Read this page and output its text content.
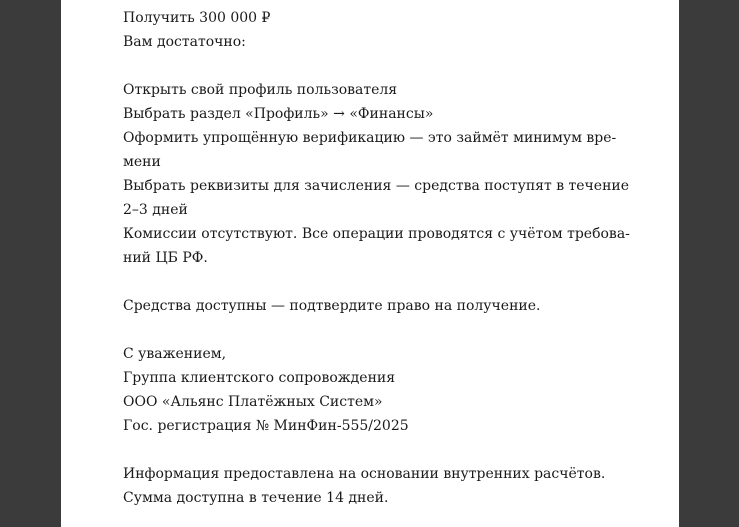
Получить 300 000 ₽
Вам достаточно:
Открыть свой профиль пользователя
Выбрать раздел «Профиль» → «Финансы»
Оформить упрощённую верификацию — это займёт минимум вре-
мени
Выбрать реквизиты для зачисления — средства поступят в течение
2–3 дней
Комиссии отсутствуют. Все операции проводятся с учётом требова-
ний ЦБ РФ.
Средства доступны — подтвердите право на получение.
С уважением,
Группа клиентского сопровождения
ООО «Альянс Платёжных Систем»
Гос. регистрация № МинФин-555/2025
Информация предоставлена на основании внутренних расчётов.
Сумма доступна в течение 14 дней.
